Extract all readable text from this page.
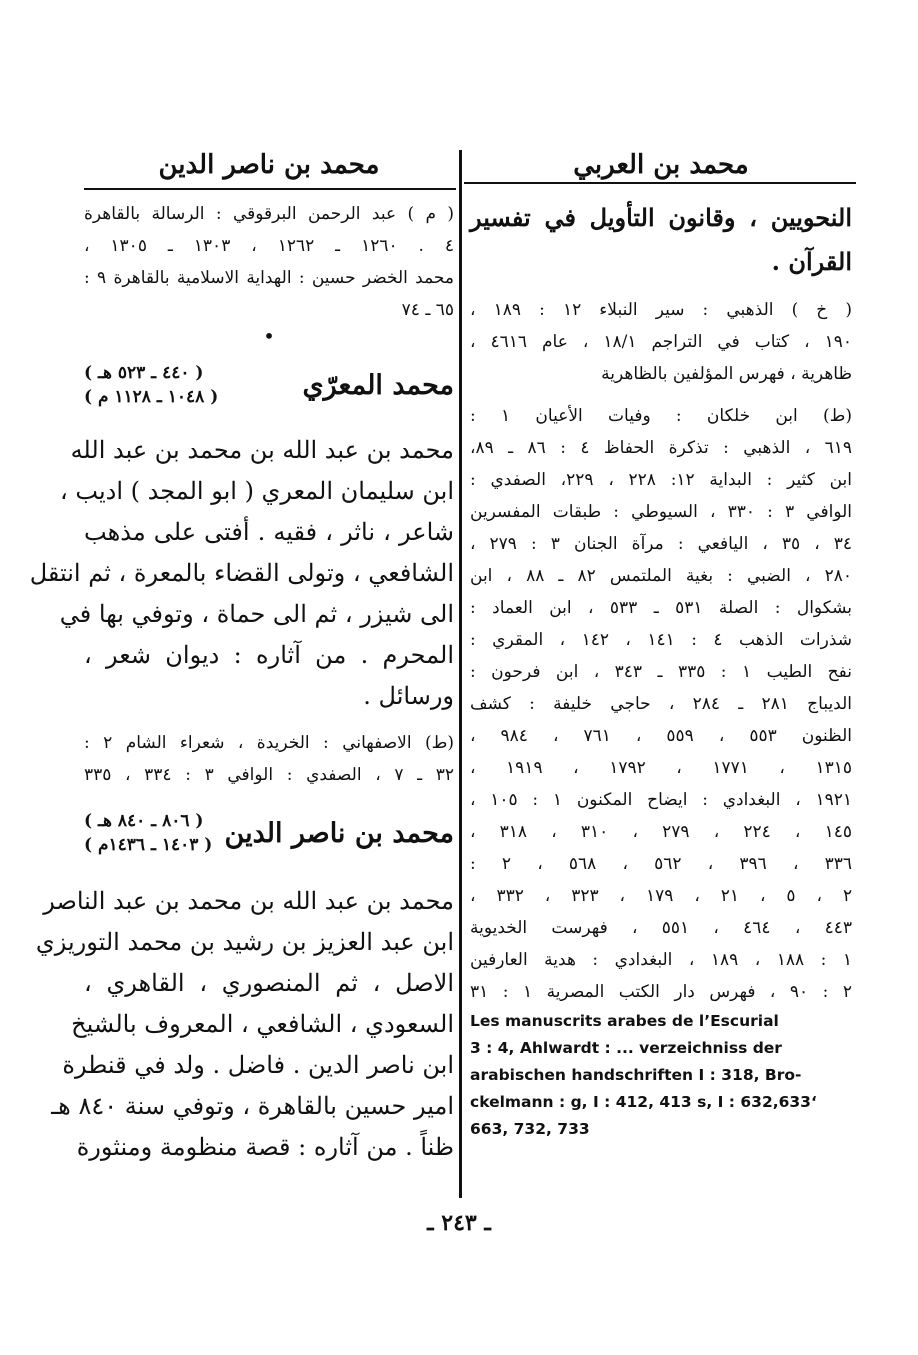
محمد بن العربي
النحويين ، وقانون التأويل في تفسير
القرآن .
( خ ) الذهبي : سير النبلاء ١٢ : ١٨٩ ،
١٩٠ ، كتاب في التراجم ١٨/١ ، عام ٤٦١٦ ،
ظاهرية ، فهرس المؤلفين بالظاهرية
(ط) ابن خلكان : وفيات الأعيان ١ :
٦١٩ ، الذهبي : تذكرة الحفاظ ٤ : ٨٦ ـ ٨٩،
ابن كثير : البداية ١٢: ٢٢٨ ، ٢٢٩، الصفدي :
الوافي ٣ : ٣٣٠ ، السيوطي : طبقات المفسرين
٣٤ ، ٣٥ ، اليافعي : مرآة الجنان ٣ : ٢٧٩ ،
٢٨٠ ، الضبي : بغية الملتمس ٨٢ ـ ٨٨ ، ابن
بشكوال : الصلة ٥٣١ ـ ٥٣٣ ، ابن العماد :
شذرات الذهب ٤ : ١٤١ ، ١٤٢ ، المقري :
نفح الطيب ١ : ٣٣٥ ـ ٣٤٣ ، ابن فرحون :
الديباج ٢٨١ ـ ٢٨٤ ، حاجي خليفة : كشف
الظنون ٥٥٣ ، ٥٥٩ ، ٧٦١ ، ٩٨٤ ،
١٣١٥ ، ١٧٧١ ، ١٧٩٢ ، ١٩١٩ ،
١٩٢١ ، البغدادي : ايضاح المكنون ١ : ١٠٥ ،
١٤٥ ، ٢٢٤ ، ٢٧٩ ، ٣١٠ ، ٣١٨ ،
٣٣٦ ، ٣٩٦ ، ٥٦٢ ، ٥٦٨ ، ٢ :
٢ ، ٥ ، ٢١ ، ١٧٩ ، ٣٢٣ ، ٣٣٢ ،
٤٤٣ ، ٤٦٤ ، ٥٥١ ، فهرست الخديوية
١ : ١٨٨ ، ١٨٩ ، البغدادي : هدية العارفين
٢ : ٩٠ ، فهرس دار الكتب المصرية ١ : ٣١
Les manuscrits arabes de l’Escurial
3 : 4, Ahlwardt : ... verzeichniss der
arabischen handschriften I : 318, Bro-
ckelmann : g, I : 412, 413 s, I : 632,633‘
663, 732, 733
محمد بن ناصر الدين
( م ) عبد الرحمن البرقوقي : الرسالة بالقاهرة
٤ . ١٢٦٠ ـ ١٢٦٢ ، ١٣٠٣ ـ ١٣٠٥ ،
محمد الخضر حسين : الهداية الاسلامية بالقاهرة ٩ :
٦٥ ـ ٧٤
•
محمد المعرّي
( ٤٤٠ ـ ٥٢٣ هـ )
( ١٠٤٨ ـ ١١٢٨ م )
محمد بن عبد الله بن محمد بن عبد الله
ابن سليمان المعري ( ابو المجد ) اديب ،
شاعر ، ناثر ، فقيه . أفتى على مذهب
الشافعي ، وتولى القضاء بالمعرة ، ثم انتقل
الى شيزر ، ثم الى حماة ، وتوفي بها في
المحرم . من آثاره : ديوان شعر ،
ورسائل .
(ط) الاصفهاني : الخريدة ، شعراء الشام ٢ :
٣٢ ـ ٧ ، الصفدي : الوافي ٣ : ٣٣٤ ، ٣٣٥
محمد بن ناصر الدين
( ٨٠٦ ـ ٨٤٠ هـ )
( ١٤٠٣ ـ ١٤٣٦م )
محمد بن عبد الله بن محمد بن عبد الناصر
ابن عبد العزيز بن رشيد بن محمد التوريزي
الاصل ، ثم المنصوري ، القاهري ،
السعودي ، الشافعي ، المعروف بالشيخ
ابن ناصر الدين . فاضل . ولد في قنطرة
امير حسين بالقاهرة ، وتوفي سنة ٨٤٠ هـ
ظناً . من آثاره : قصة منظومة ومنثورة
ـ ٢٤٣ ـ
